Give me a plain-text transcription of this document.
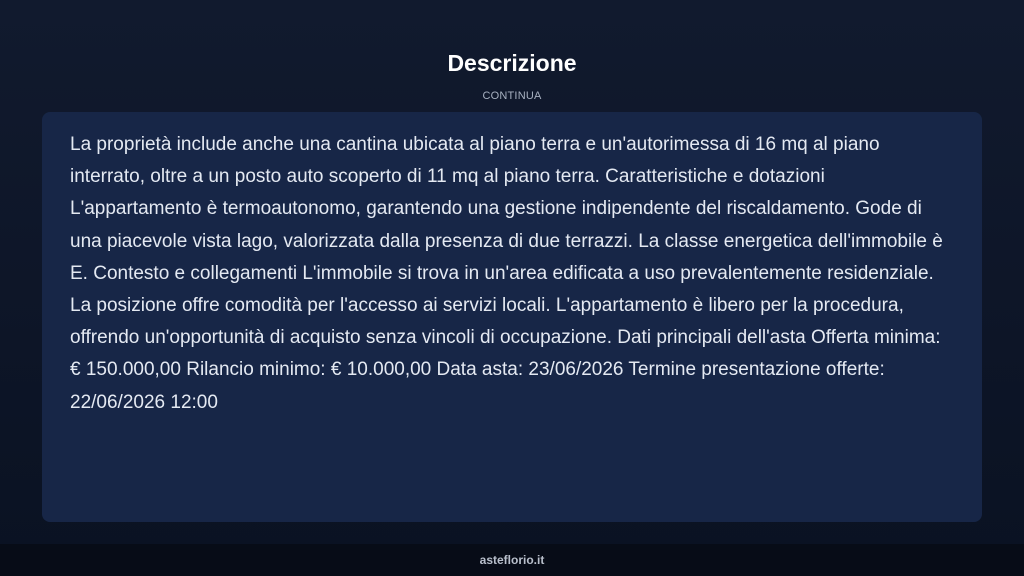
Descrizione
CONTINUA

La proprietà include anche una cantina ubicata al piano terra e un'autorimessa di 16 mq al piano interrato, oltre a un posto auto scoperto di 11 mq al piano terra. Caratteristiche e dotazioni L'appartamento è termoautonomo, garantendo una gestione indipendente del riscaldamento. Gode di una piacevole vista lago, valorizzata dalla presenza di due terrazzi. La classe energetica dell'immobile è E. Contesto e collegamenti L'immobile si trova in un'area edificata a uso prevalentemente residenziale. La posizione offre comodità per l'accesso ai servizi locali. L'appartamento è libero per la procedura, offrendo un'opportunità di acquisto senza vincoli di occupazione. Dati principali dell'asta Offerta minima: € 150.000,00 Rilancio minimo: € 10.000,00 Data asta: 23/06/2026 Termine presentazione offerte: 22/06/2026 12:00

asteflorio.it
